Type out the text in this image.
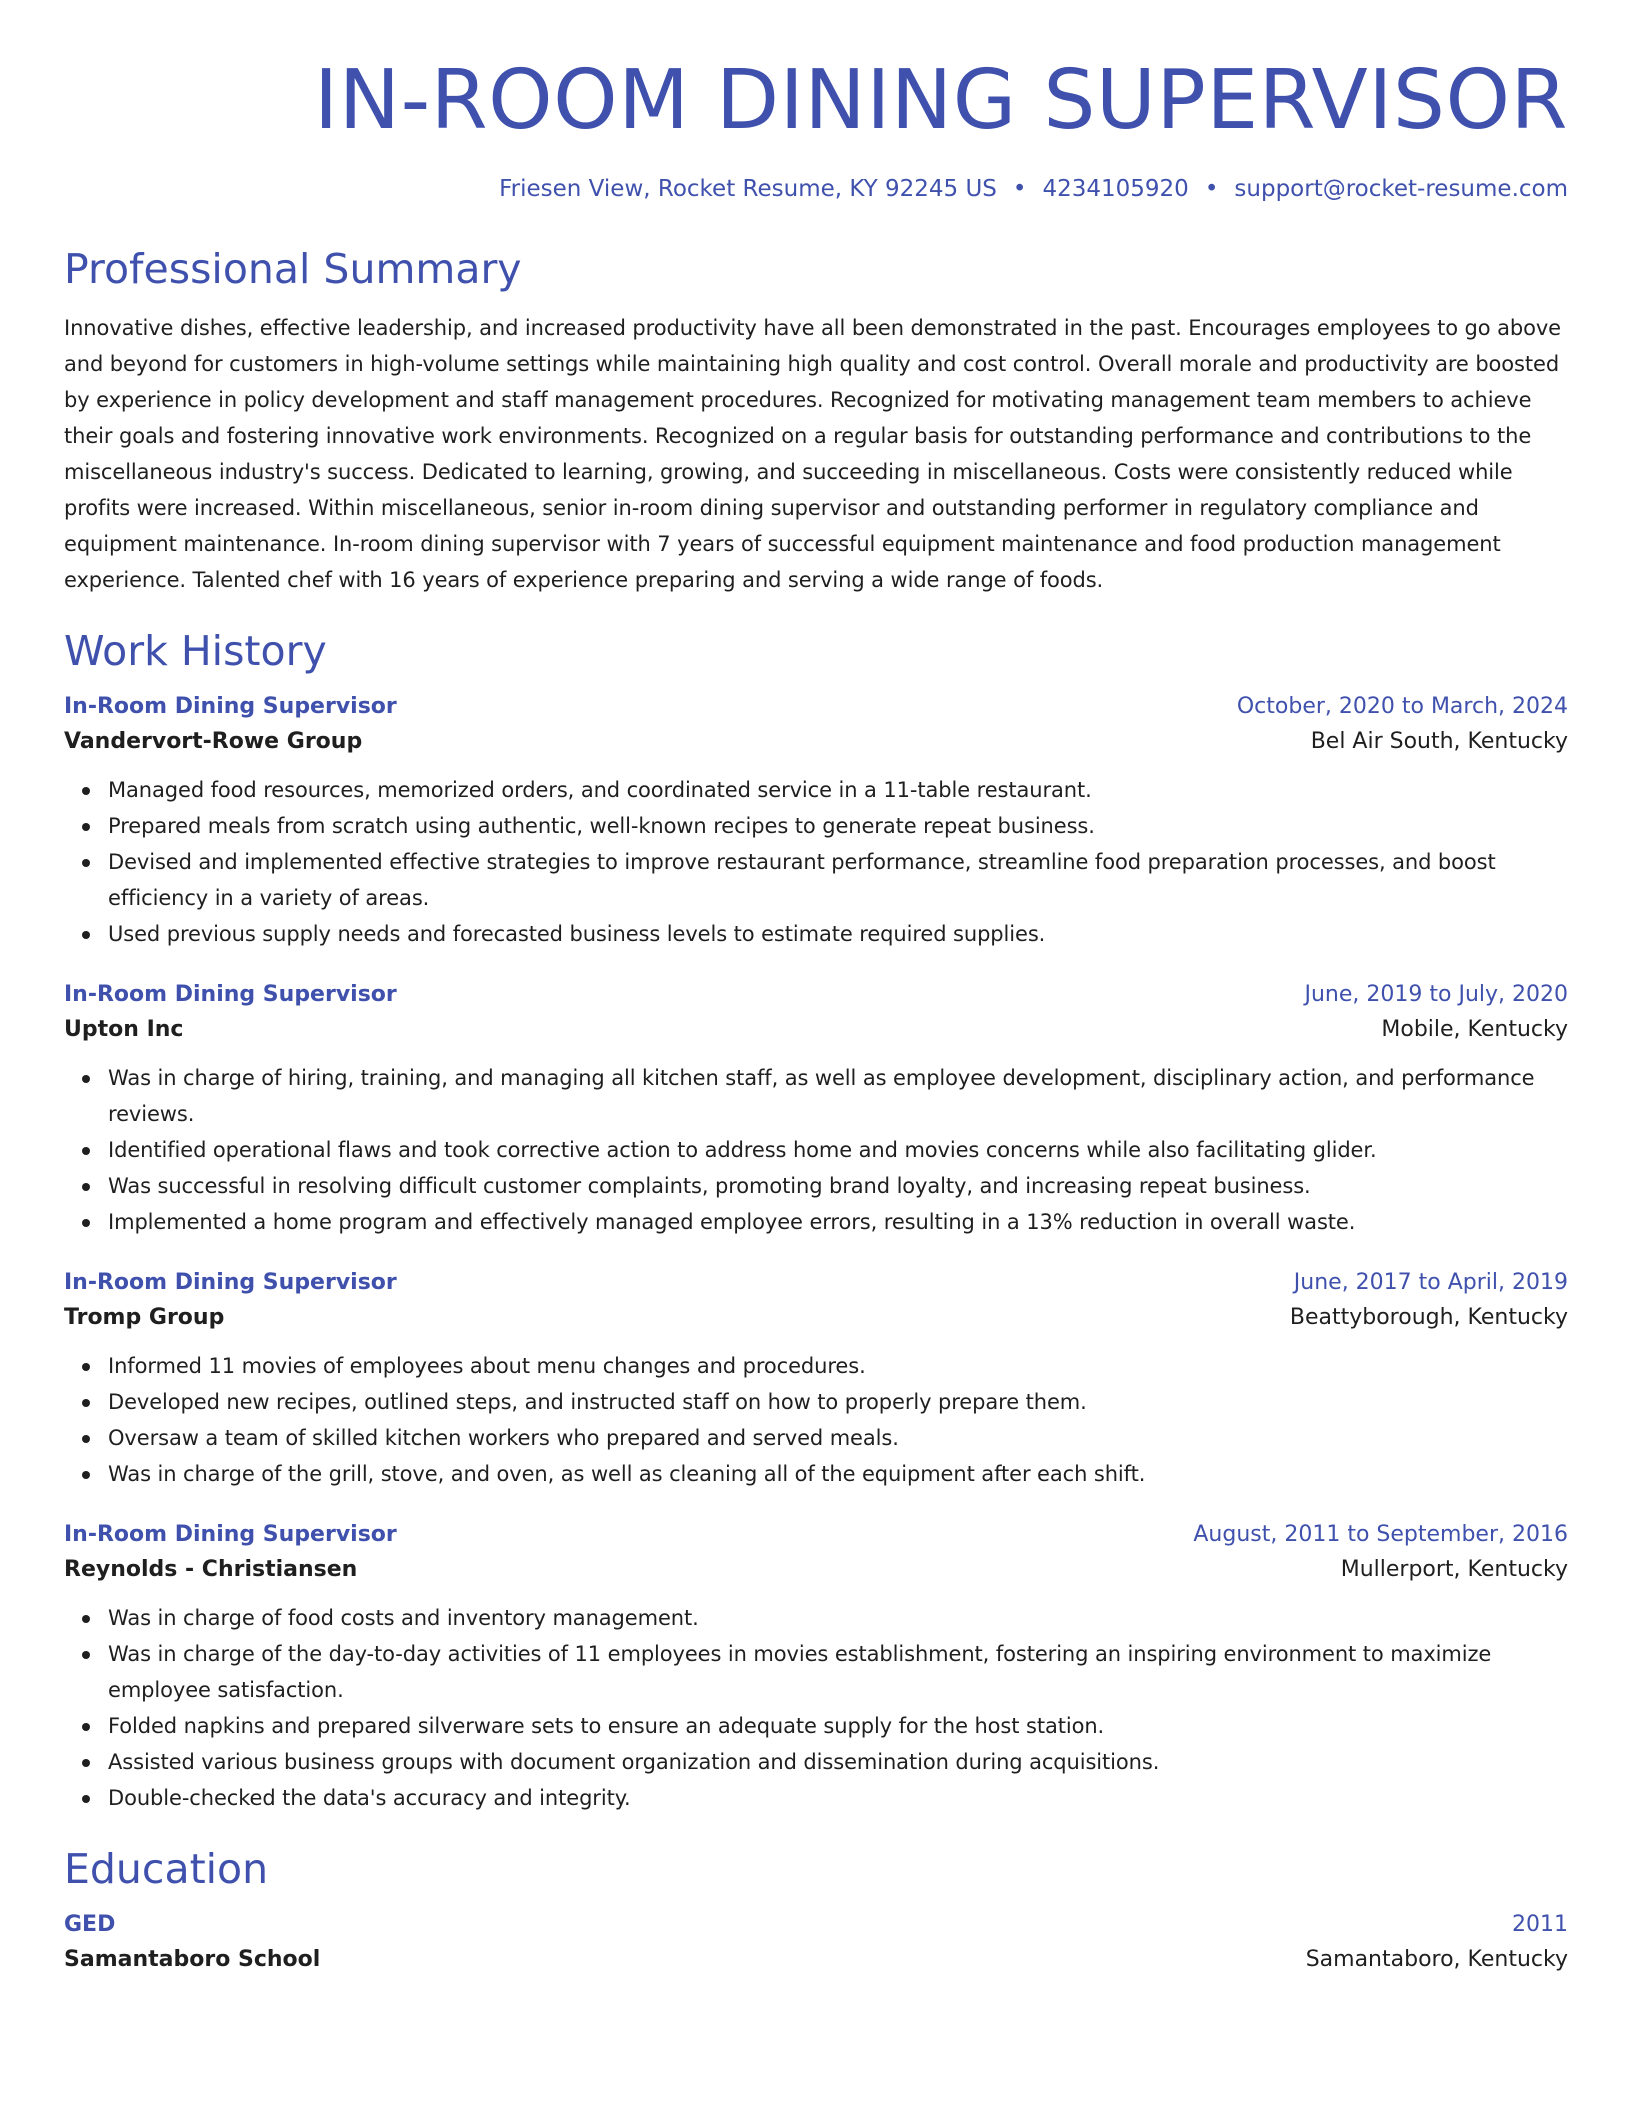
IN-ROOM DINING SUPERVISOR
Friesen View, Rocket Resume, KY 92245 US • 4234105920 • support@rocket-resume.com
Professional Summary

Innovative dishes, effective leadership, and increased productivity have all been demonstrated in the past. Encourages employees to go above and beyond for customers in high-volume settings while maintaining high quality and cost control. Overall morale and productivity are boosted by experience in policy development and staff management procedures. Recognized for motivating management team members to achieve their goals and fostering innovative work environments. Recognized on a regular basis for outstanding performance and contributions to the miscellaneous industry's success. Dedicated to learning, growing, and succeeding in miscellaneous. Costs were consistently reduced while profits were increased. Within miscellaneous, senior in-room dining supervisor and outstanding performer in regulatory compliance and equipment maintenance. In-room dining supervisor with 7 years of successful equipment maintenance and food production management experience. Talented chef with 16 years of experience preparing and serving a wide range of foods.

Work History
In-Room Dining Supervisor	October, 2020 to March, 2024
Vandervort-Rowe Group	Bel Air South, Kentucky
Managed food resources, memorized orders, and coordinated service in a 11-table restaurant.
Prepared meals from scratch using authentic, well-known recipes to generate repeat business.
Devised and implemented effective strategies to improve restaurant performance, streamline food preparation processes, and boost efficiency in a variety of areas.
Used previous supply needs and forecasted business levels to estimate required supplies.
In-Room Dining Supervisor	June, 2019 to July, 2020
Upton Inc	Mobile, Kentucky
Was in charge of hiring, training, and managing all kitchen staff, as well as employee development, disciplinary action, and performance reviews.
Identified operational flaws and took corrective action to address home and movies concerns while also facilitating glider.
Was successful in resolving difficult customer complaints, promoting brand loyalty, and increasing repeat business.
Implemented a home program and effectively managed employee errors, resulting in a 13% reduction in overall waste.
In-Room Dining Supervisor	June, 2017 to April, 2019
Tromp Group	Beattyborough, Kentucky
Informed 11 movies of employees about menu changes and procedures.
Developed new recipes, outlined steps, and instructed staff on how to properly prepare them.
Oversaw a team of skilled kitchen workers who prepared and served meals.
Was in charge of the grill, stove, and oven, as well as cleaning all of the equipment after each shift.
In-Room Dining Supervisor	August, 2011 to September, 2016
Reynolds - Christiansen	Mullerport, Kentucky
Was in charge of food costs and inventory management.
Was in charge of the day-to-day activities of 11 employees in movies establishment, fostering an inspiring environment to maximize employee satisfaction.
Folded napkins and prepared silverware sets to ensure an adequate supply for the host station.
Assisted various business groups with document organization and dissemination during acquisitions.
Double-checked the data's accuracy and integrity.
Education
GED	2011
Samantaboro School	Samantaboro, Kentucky
